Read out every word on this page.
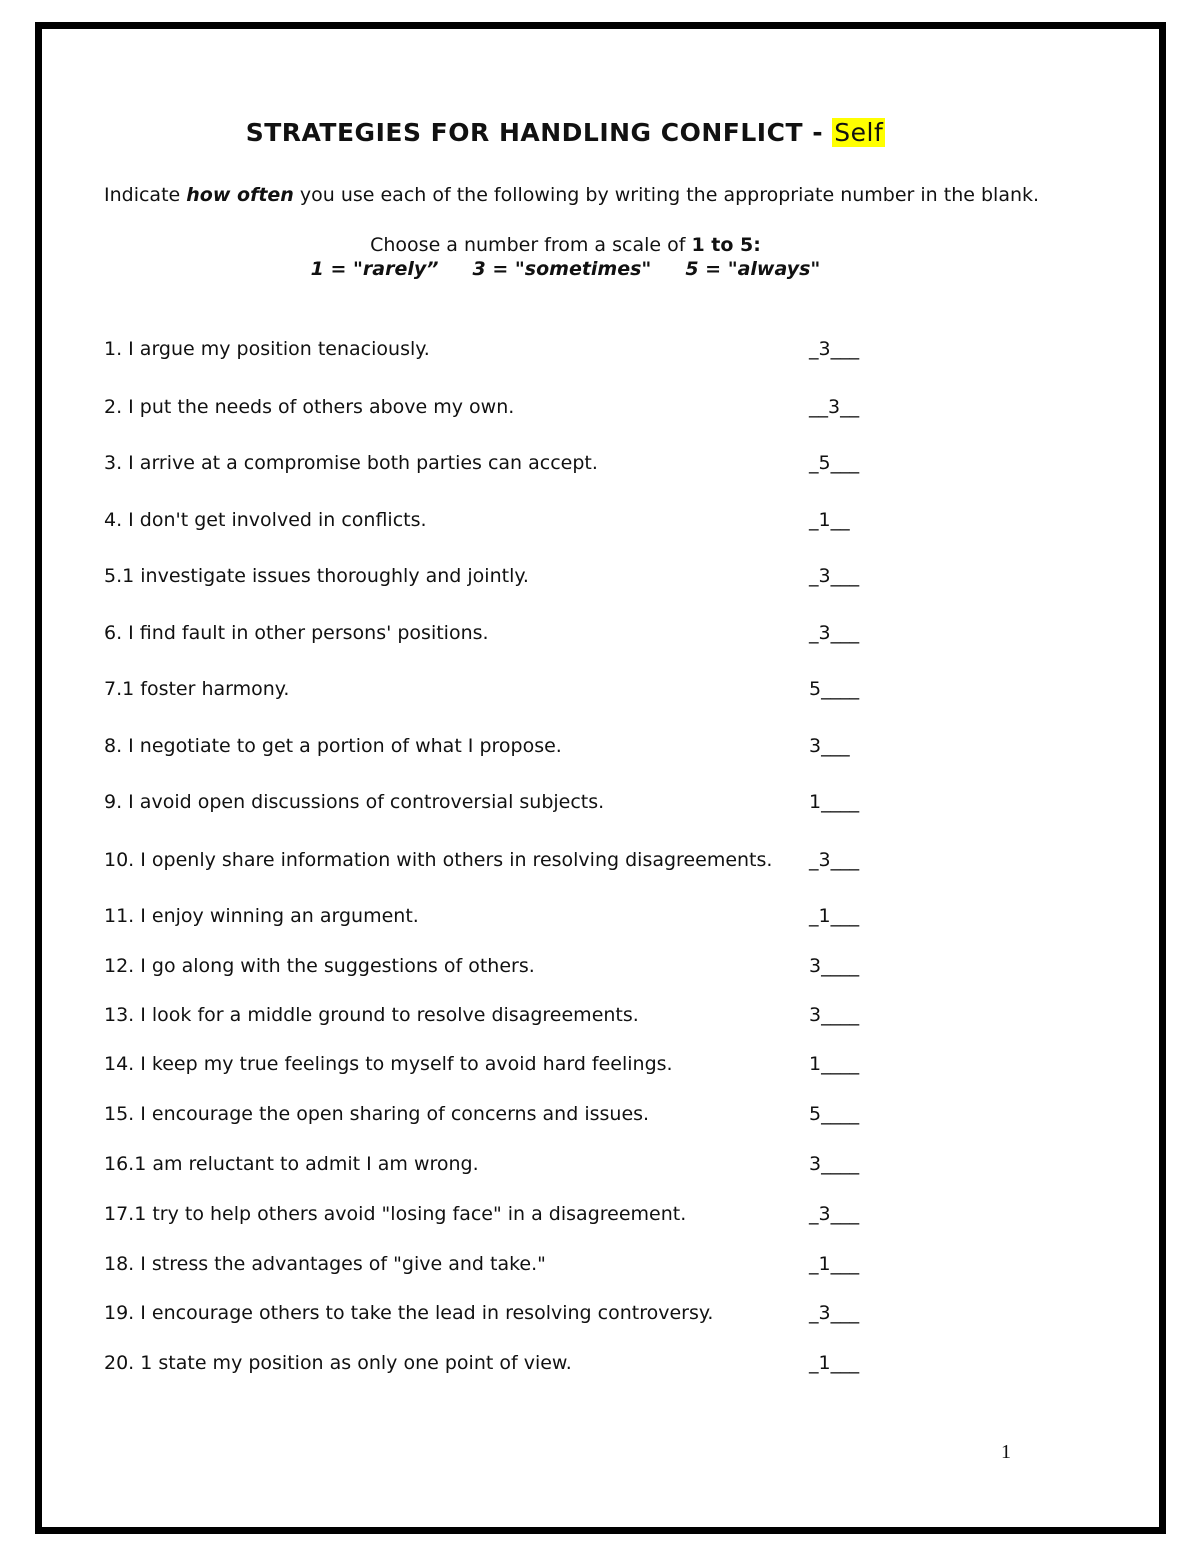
STRATEGIES FOR HANDLING CONFLICT - Self
Indicate how often you use each of the following by writing the appropriate number in the blank.
Choose a number from a scale of 1 to 5:
1 = "rarely” 3 = "sometimes" 5 = "always"
1. I argue my position tenaciously.	_3___
2. I put the needs of others above my own.	__3__
3. I arrive at a compromise both parties can accept.	_5___
4. I don't get involved in conflicts.	_1__
5.1 investigate issues thoroughly and jointly.	_3___
6. I find fault in other persons' positions.	_3___
7.1 foster harmony.	5____
8. I negotiate to get a portion of what I propose.	3___
9. I avoid open discussions of controversial subjects.	1____
10. I openly share information with others in resolving disagreements. _3___
11. I enjoy winning an argument.	_1___
12. I go along with the suggestions of others.	3____
13. I look for a middle ground to resolve disagreements.	3____
14. I keep my true feelings to myself to avoid hard feelings.	1____
15. I encourage the open sharing of concerns and issues.	5____
16.1 am reluctant to admit I am wrong.	3____
17.1 try to help others avoid "losing face" in a disagreement.	_3___
18. I stress the advantages of "give and take."	_1___
19. I encourage others to take the lead in resolving controversy.	_3___
20. 1 state my position as only one point of view.	_1___
1
